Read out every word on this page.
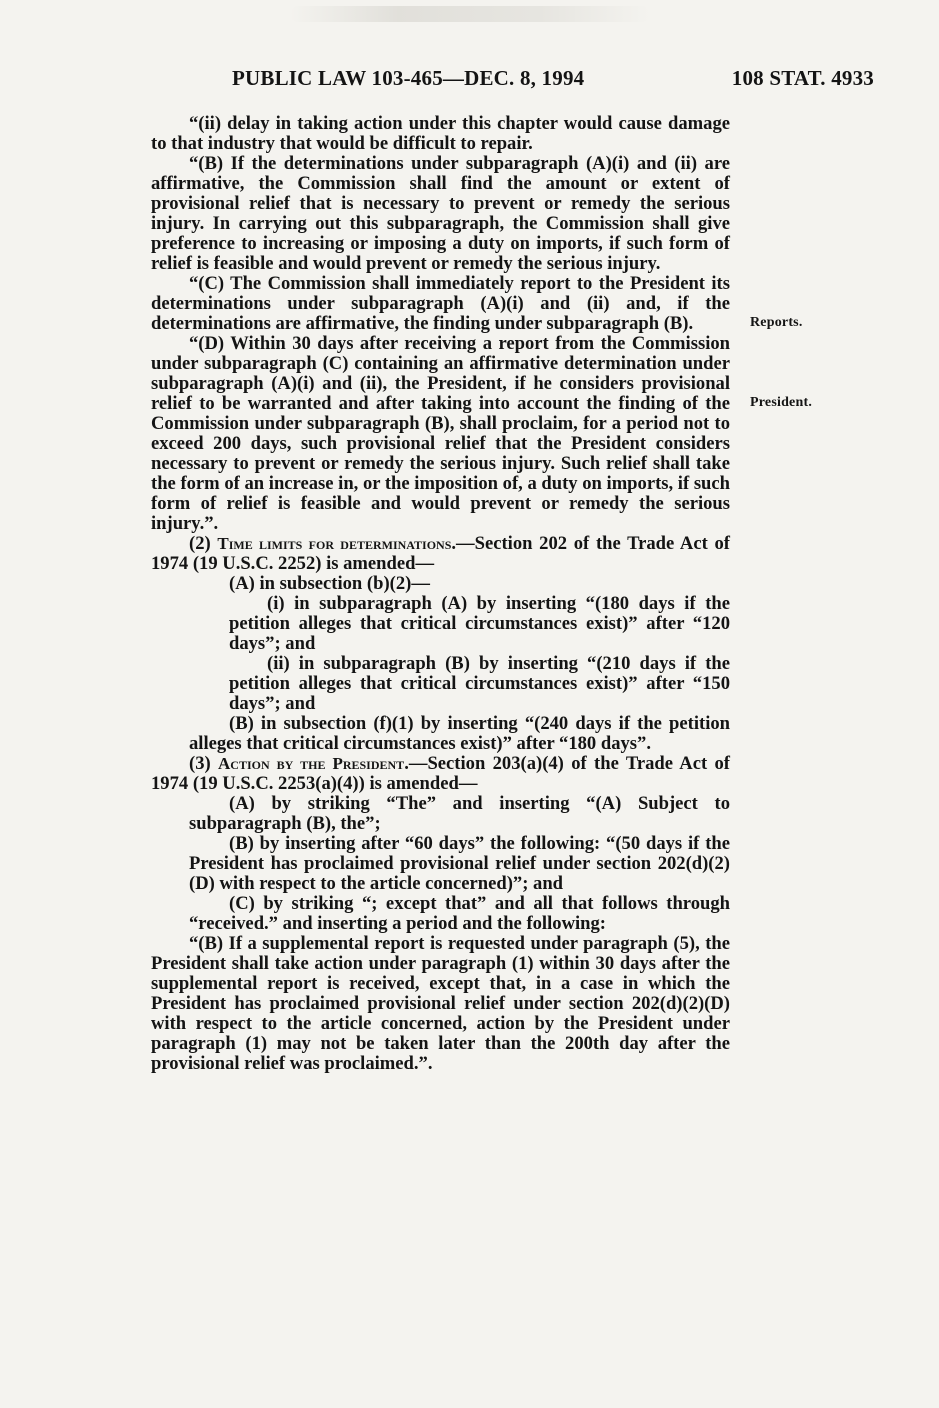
PUBLIC LAW 103-465—DEC. 8, 1994	108 STAT. 4933
Reports.
President.

“(ii) delay in taking action under this chapter would cause damage to that industry that would be difficult to repair.

“(B) If the determinations under subparagraph (A)(i) and (ii) are affirmative, the Commission shall find the amount or extent of provisional relief that is necessary to prevent or remedy the serious injury. In carrying out this subparagraph, the Commission shall give preference to increasing or imposing a duty on imports, if such form of relief is feasible and would prevent or remedy the serious injury.

“(C) The Commission shall immediately report to the President its determinations under subparagraph (A)(i) and (ii) and, if the determinations are affirmative, the finding under subparagraph (B).

“(D) Within 30 days after receiving a report from the Commission under subparagraph (C) containing an affirmative determination under subparagraph (A)(i) and (ii), the President, if he considers provisional relief to be warranted and after taking into account the finding of the Commission under subparagraph (B), shall proclaim, for a period not to exceed 200 days, such provisional relief that the President considers necessary to prevent or remedy the serious injury. Such relief shall take the form of an increase in, or the imposition of, a duty on imports, if such form of relief is feasible and would prevent or remedy the serious injury.”.

(2) Time limits for determinations.—Section 202 of the Trade Act of 1974 (19 U.S.C. 2252) is amended—

(A) in subsection (b)(2)—

(i) in subparagraph (A) by inserting “(180 days if the petition alleges that critical circumstances exist)” after “120 days”; and

(ii) in subparagraph (B) by inserting “(210 days if the petition alleges that critical circumstances exist)” after “150 days”; and

(B) in subsection (f)(1) by inserting “(240 days if the petition alleges that critical circumstances exist)” after “180 days”.

(3) Action by the President.—Section 203(a)(4) of the Trade Act of 1974 (19 U.S.C. 2253(a)(4)) is amended—

(A) by striking “The” and inserting “(A) Subject to subparagraph (B), the”;

(B) by inserting after “60 days” the following: “(50 days if the President has proclaimed provisional relief under section 202(d)(2)(D) with respect to the article concerned)”; and

(C) by striking “; except that” and all that follows through “received.” and inserting a period and the following:

“(B) If a supplemental report is requested under paragraph (5), the President shall take action under paragraph (1) within 30 days after the supplemental report is received, except that, in a case in which the President has proclaimed provisional relief under section 202(d)(2)(D) with respect to the article concerned, action by the President under paragraph (1) may not be taken later than the 200th day after the provisional relief was proclaimed.”.
